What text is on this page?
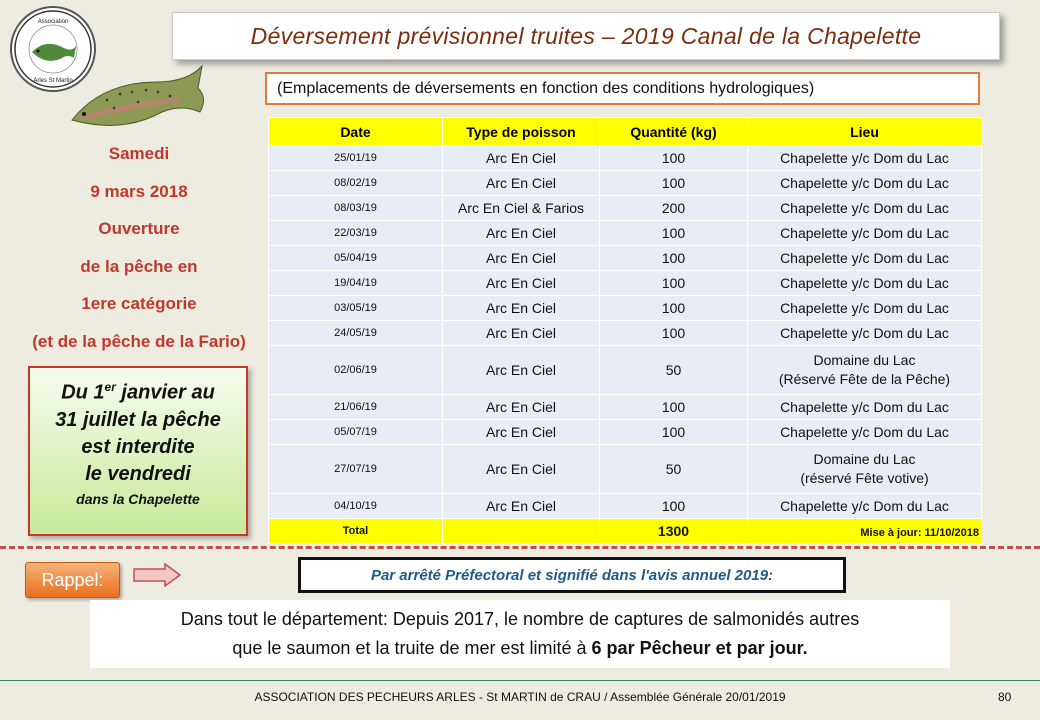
Association
Arles St Martin
Déversement prévisionnel truites – 2019 Canal de la Chapelette
(Emplacements de déversements en fonction des conditions hydrologiques)
Samedi
9 mars 2018
Ouverture
de la pêche en
1ere catégorie
(et de la pêche de la Fario)
Du 1er janvier au
31 juillet la pêche
est interdite
le vendredi
dans la Chapelette
Date	Type de poisson	Quantité (kg)	Lieu
25/01/19	Arc En Ciel	100	Chapelette y/c Dom du Lac
08/02/19	Arc En Ciel	100	Chapelette y/c Dom du Lac
08/03/19	Arc En Ciel & Farios	200	Chapelette y/c Dom du Lac
22/03/19	Arc En Ciel	100	Chapelette y/c Dom du Lac
05/04/19	Arc En Ciel	100	Chapelette y/c Dom du Lac
19/04/19	Arc En Ciel	100	Chapelette y/c Dom du Lac
03/05/19	Arc En Ciel	100	Chapelette y/c Dom du Lac
24/05/19	Arc En Ciel	100	Chapelette y/c Dom du Lac
02/06/19	Arc En Ciel	50	Domaine du Lac
(Réservé Fête de la Pêche)

21/06/19	Arc En Ciel	100	Chapelette y/c Dom du Lac
05/07/19	Arc En Ciel	100	Chapelette y/c Dom du Lac
27/07/19	Arc En Ciel	50	Domaine du Lac
(réservé Fête votive)

04/10/19	Arc En Ciel	100	Chapelette y/c Dom du Lac
Total		1300	Mise à jour: 11/10/2018
Rappel:	Par arrêté Préfectoral et signifié dans l'avis annuel 2019:
Dans tout le département: Depuis 2017, le nombre de captures de salmonidés autres
que le saumon et la truite de mer est limité à 6 par Pêcheur et par jour.
ASSOCIATION DES PECHEURS ARLES - St MARTIN de CRAU / Assemblée Générale 20/01/2019	80
